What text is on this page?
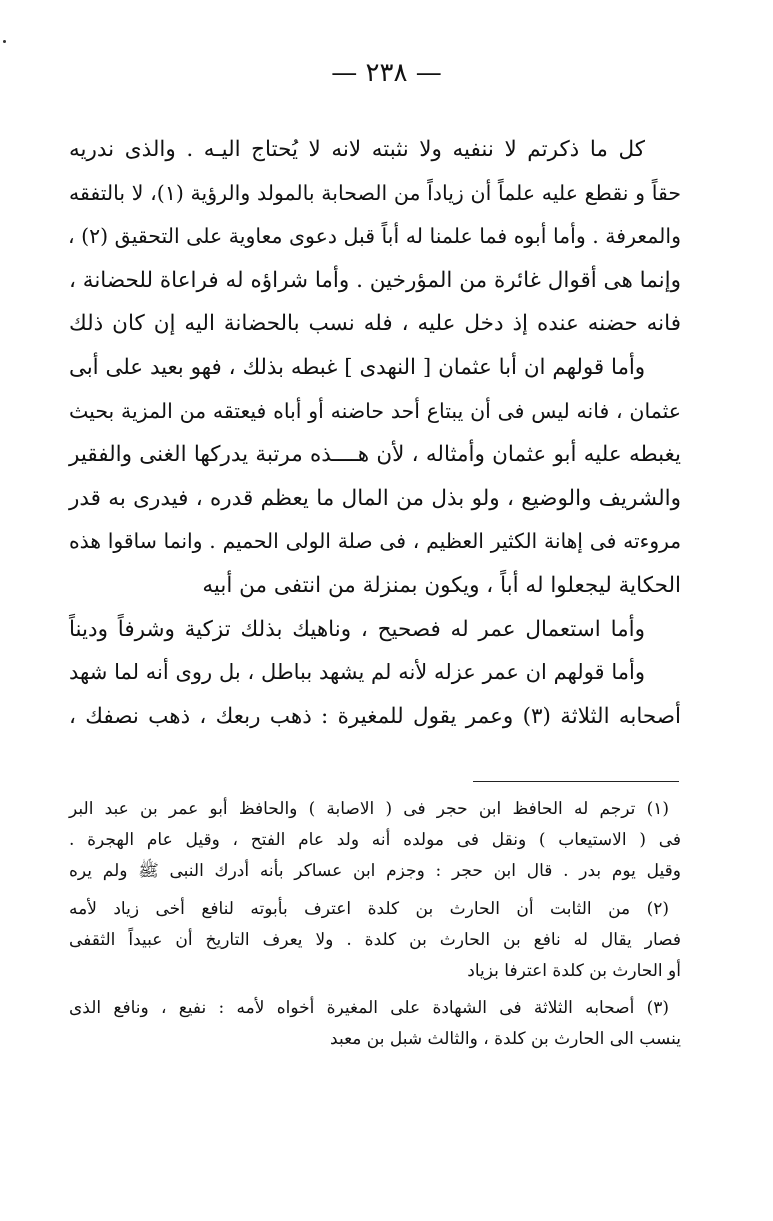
— ٢٣٨ —
كل ما ذكرتم لا ننفيه ولا نثبته لانه لا يُحتاج اليـه . والذى ندريه
حقاً و نقطع عليه علماً أن زياداً من الصحابة بالمولد والرؤية (١)، لا بالتفقه
والمعرفة . وأما أبوه فما علمنا له أباً قبل دعوى معاوية على التحقيق (٢) ،
وإنما هى أقوال غائرة من المؤرخين . وأما شراؤه له فراعاة للحضانة ،
فانه حضنه عنده إذ دخل عليه ، فله نسب بالحضانة اليه إن كان ذلك
وأما قولهم ان أبا عثمان [ النهدى ] غبطه بذلك ، فهو بعيد على أبى
عثمان ، فانه ليس فى أن يبتاع أحد حاضنه أو أباه فيعتقه من المزية بحيث
يغبطه عليه أبو عثمان وأمثاله ، لأن هــــذه مرتبة يدركها الغنى والفقير
والشريف والوضيع ، ولو بذل من المال ما يعظم قدره ، فيدرى به قدر
مروءته فى إهانة الكثير العظيم ، فى صلة الولى الحميم . وانما ساقوا هذه
الحكاية ليجعلوا له أباً ، ويكون بمنزلة من انتفى من أبيه
وأما استعمال عمر له فصحيح ، وناهيك بذلك تزكية وشرفاً وديناً
وأما قولهم ان عمر عزله لأنه لم يشهد بباطل ، بل روى أنه لما شهد
أصحابه الثلاثة (٣) وعمر يقول للمغيرة : ذهب ربعك ، ذهب نصفك ،
(١) ترجم له الحافظ ابن حجر فى ( الاصابة ) والحافظ أبو عمر بن عبد البر
فى ( الاستيعاب ) ونقل فى مولده أنه ولد عام الفتح ، وقيل عام الهجرة .
وقيل يوم بدر . قال ابن حجر : وجزم ابن عساكر بأنه أدرك النبى ﷺ ولم يره
(٢) من الثابت أن الحارث بن كلدة اعترف بأبوته لنافع أخى زياد لأمه
فصار يقال له نافع بن الحارث بن كلدة . ولا يعرف التاريخ أن عبيداً الثقفى
أو الحارث بن كلدة اعترفا بزياد
(٣) أصحابه الثلاثة فى الشهادة على المغيرة أخواه لأمه : نفيع ، ونافع الذى
ينسب الى الحارث بن كلدة ، والثالث شبل بن معبد
